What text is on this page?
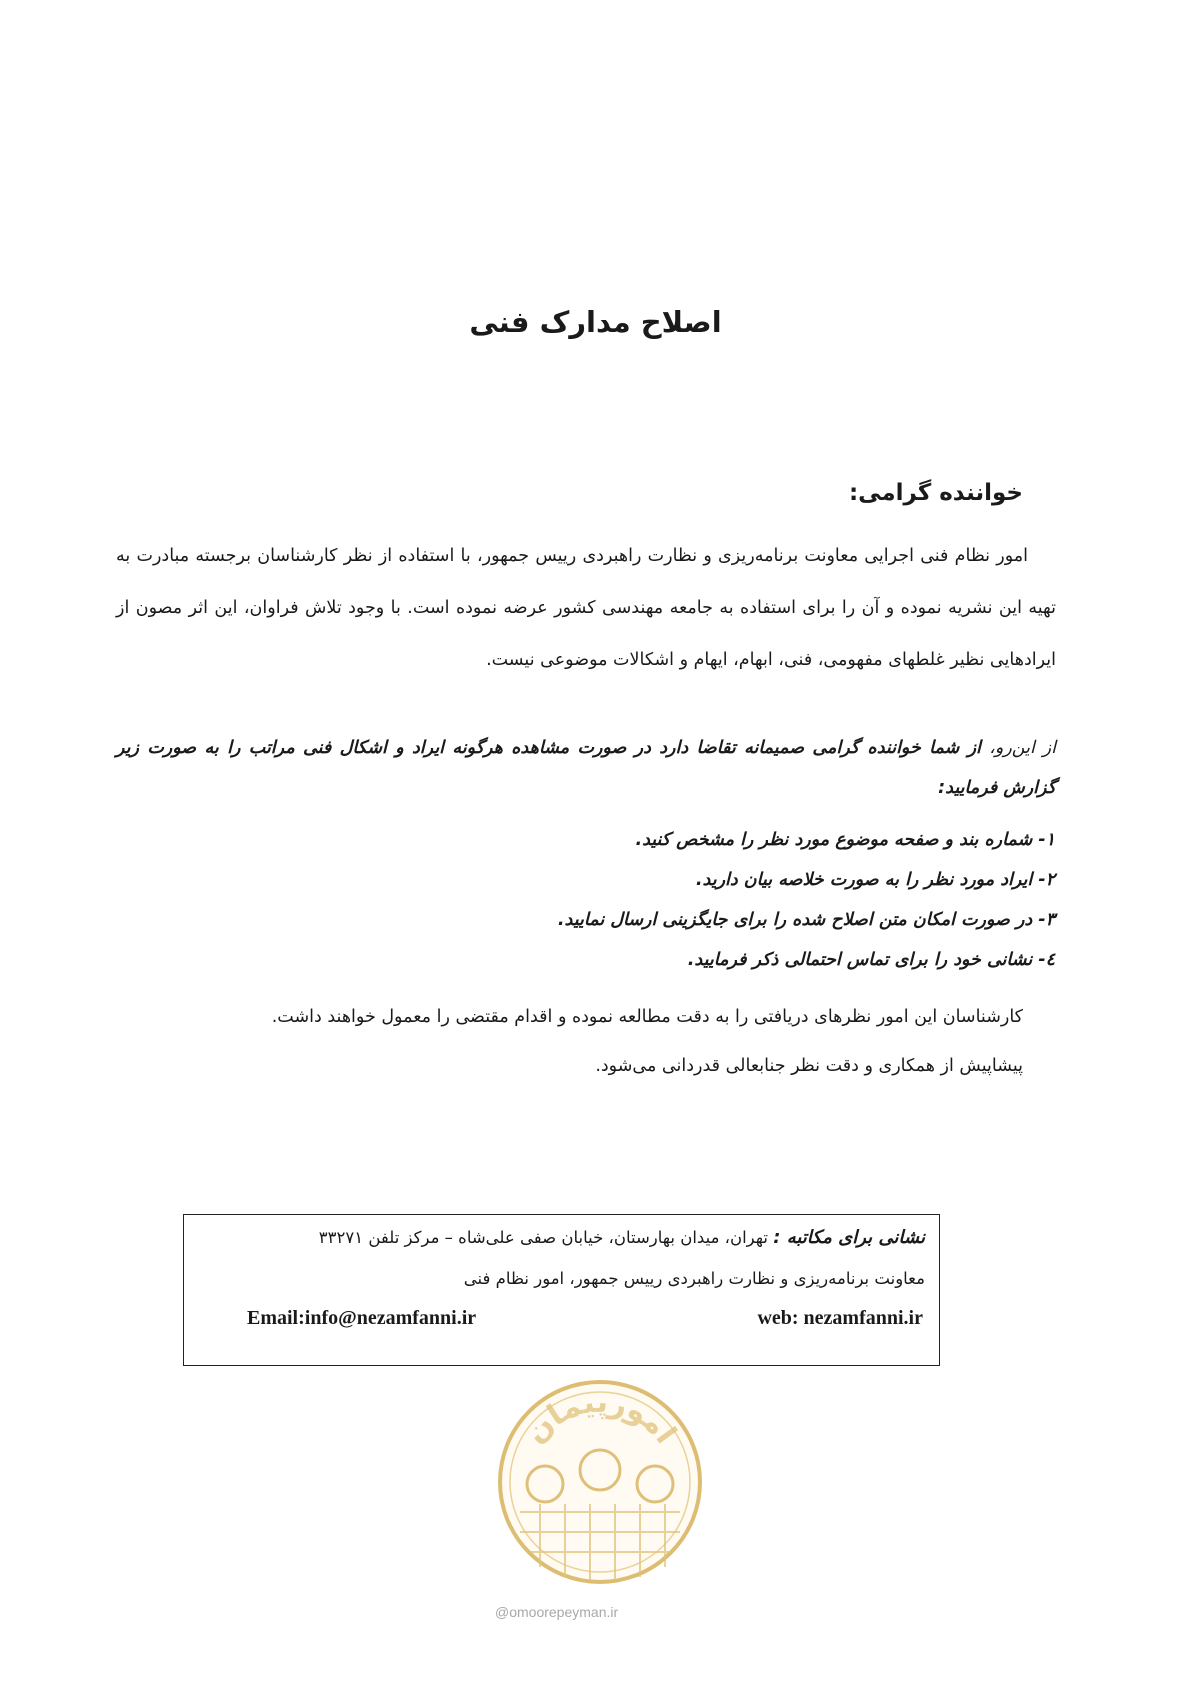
اصلاح مدارک فنی
خواننده گرامی:
امور نظام فنی اجرایی معاونت برنامه‌ریزی و نظارت راهبردی رییس جمهور، با استفاده از نظر کارشناسان برجسته مبادرت به تهیه این نشریه نموده و آن را برای استفاده به جامعه مهندسی کشور عرضه نموده است. با وجود تلاش فراوان، این اثر مصون از ایرادهایی نظیر غلطهای مفهومی، فنی، ابهام، ایهام و اشکالات موضوعی نیست.
از این‌رو، از شما خواننده گرامی صمیمانه تقاضا دارد در صورت مشاهده هرگونه ایراد و اشکال فنی مراتب را به صورت زیر گزارش فرمایید:
۱- شماره بند و صفحه موضوع مورد نظر را مشخص کنید.
۲- ایراد مورد نظر را به صورت خلاصه بیان دارید.
۳- در صورت امکان متن اصلاح شده را برای جایگزینی ارسال نمایید.
٤- نشانی خود را برای تماس احتمالی ذکر فرمایید.

کارشناسان این امور نظرهای دریافتی را به دقت مطالعه نموده و اقدام مقتضی را معمول خواهند داشت.

پیشاپیش از همکاری و دقت نظر جنابعالی قدردانی می‌شود.

نشانی برای مکاتبه : تهران، میدان بهارستان، خیابان صفی علی‌شاه – مرکز تلفن ۳۳۲۷۱
معاونت برنامه‌ریزی و نظارت راهبردی رییس جمهور، امور نظام فنی
web: nezamfanni.ir
Email:info@nezamfanni.ir
امورپیمان
@omoorepeyman.ir
